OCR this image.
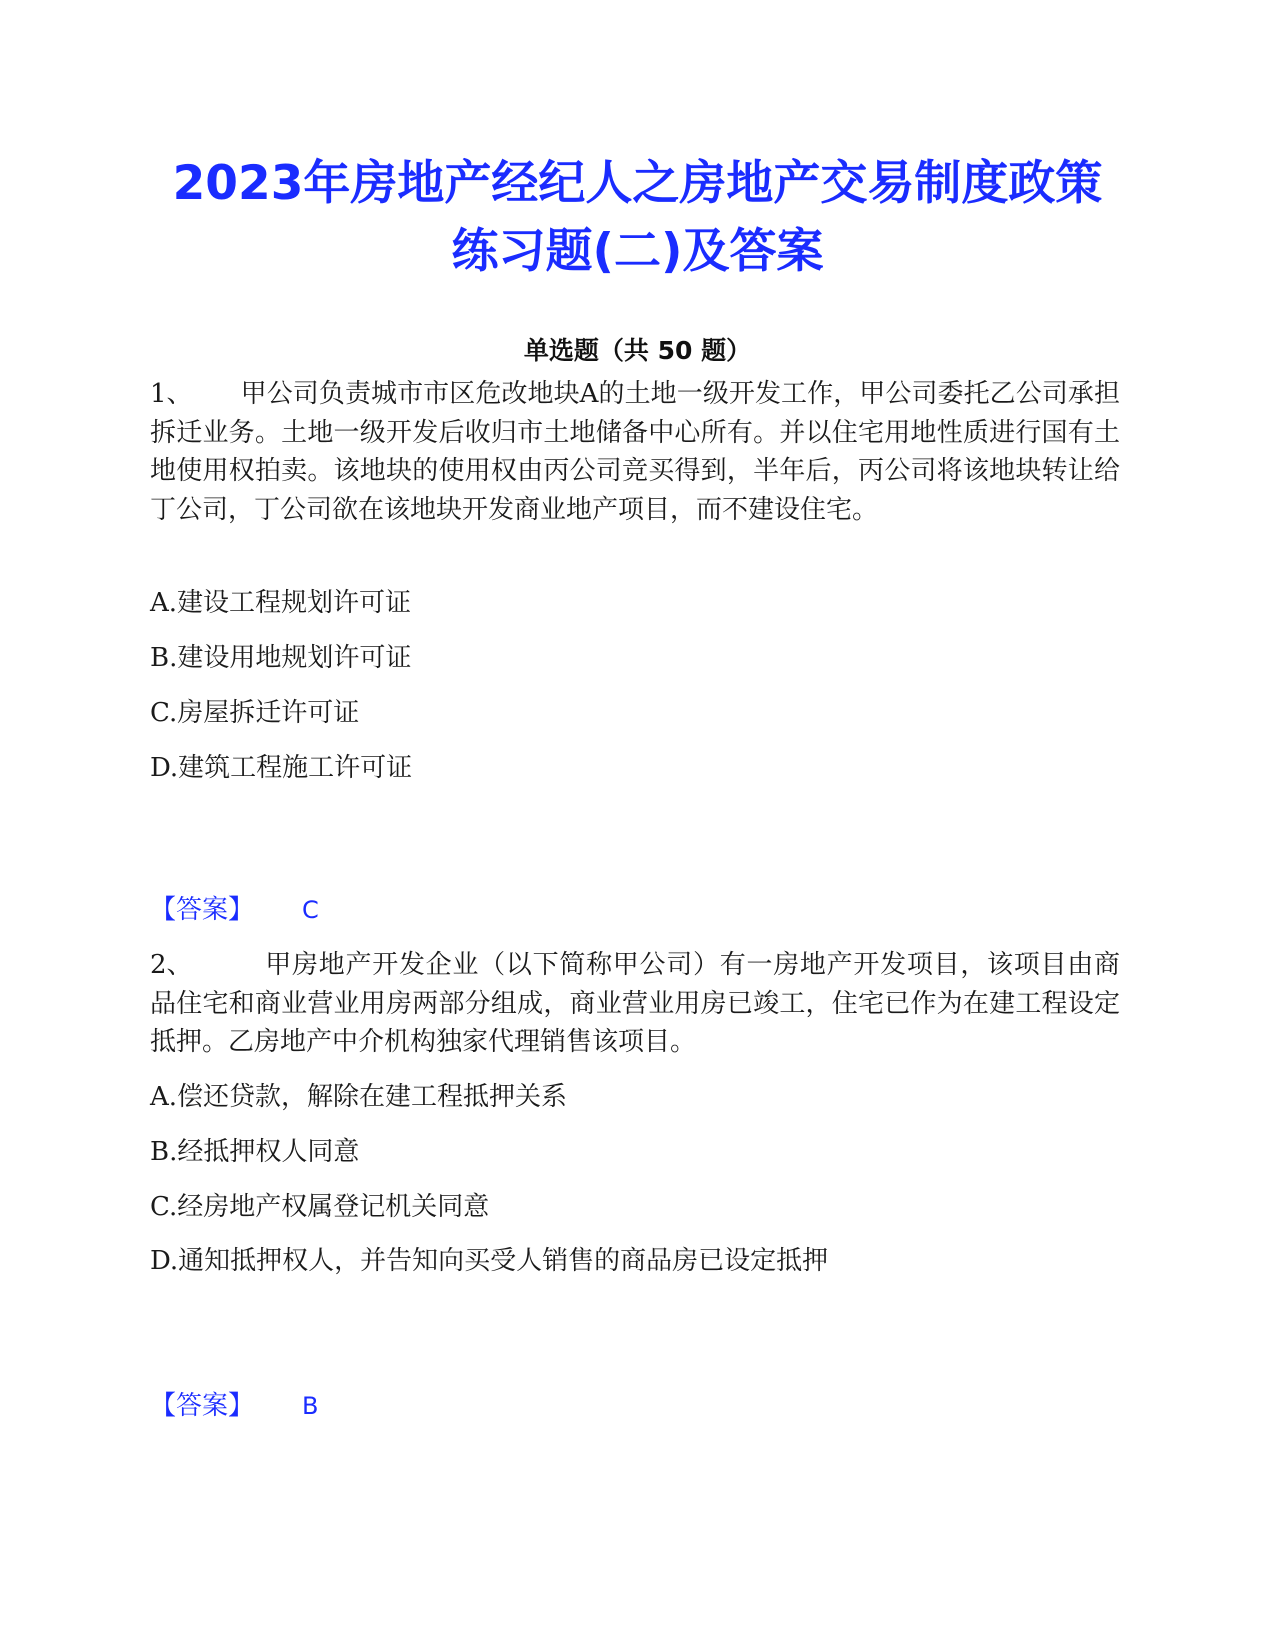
2023年房地产经纪人之房地产交易制度政策
练习题(二)及答案
单选题（共 50 题）

1、 甲公司负责城市市区危改地块A的土地一级开发工作，甲公司委托乙公司承担拆迁业务。土地一级开发后收归市土地储备中心所有。并以住宅用地性质进行国有土地使用权拍卖。该地块的使用权由丙公司竞买得到，半年后，丙公司将该地块转让给丁公司，丁公司欲在该地块开发商业地产项目，而不建设住宅。

A.建设工程规划许可证
B.建设用地规划许可证
C.房屋拆迁许可证
D.建筑工程施工许可证
【答案】 C

2、	甲房地产开发企业（以下简称甲公司）有一房地产开发项目，该项目由商品住宅和商业营业用房两部分组成，商业营业用房已竣工，住宅已作为在建工程设定抵押。乙房地产中介机构独家代理销售该项目。

A.偿还贷款，解除在建工程抵押关系
B.经抵押权人同意
C.经房地产权属登记机关同意
D.通知抵押权人，并告知向买受人销售的商品房已设定抵押
【答案】 B
